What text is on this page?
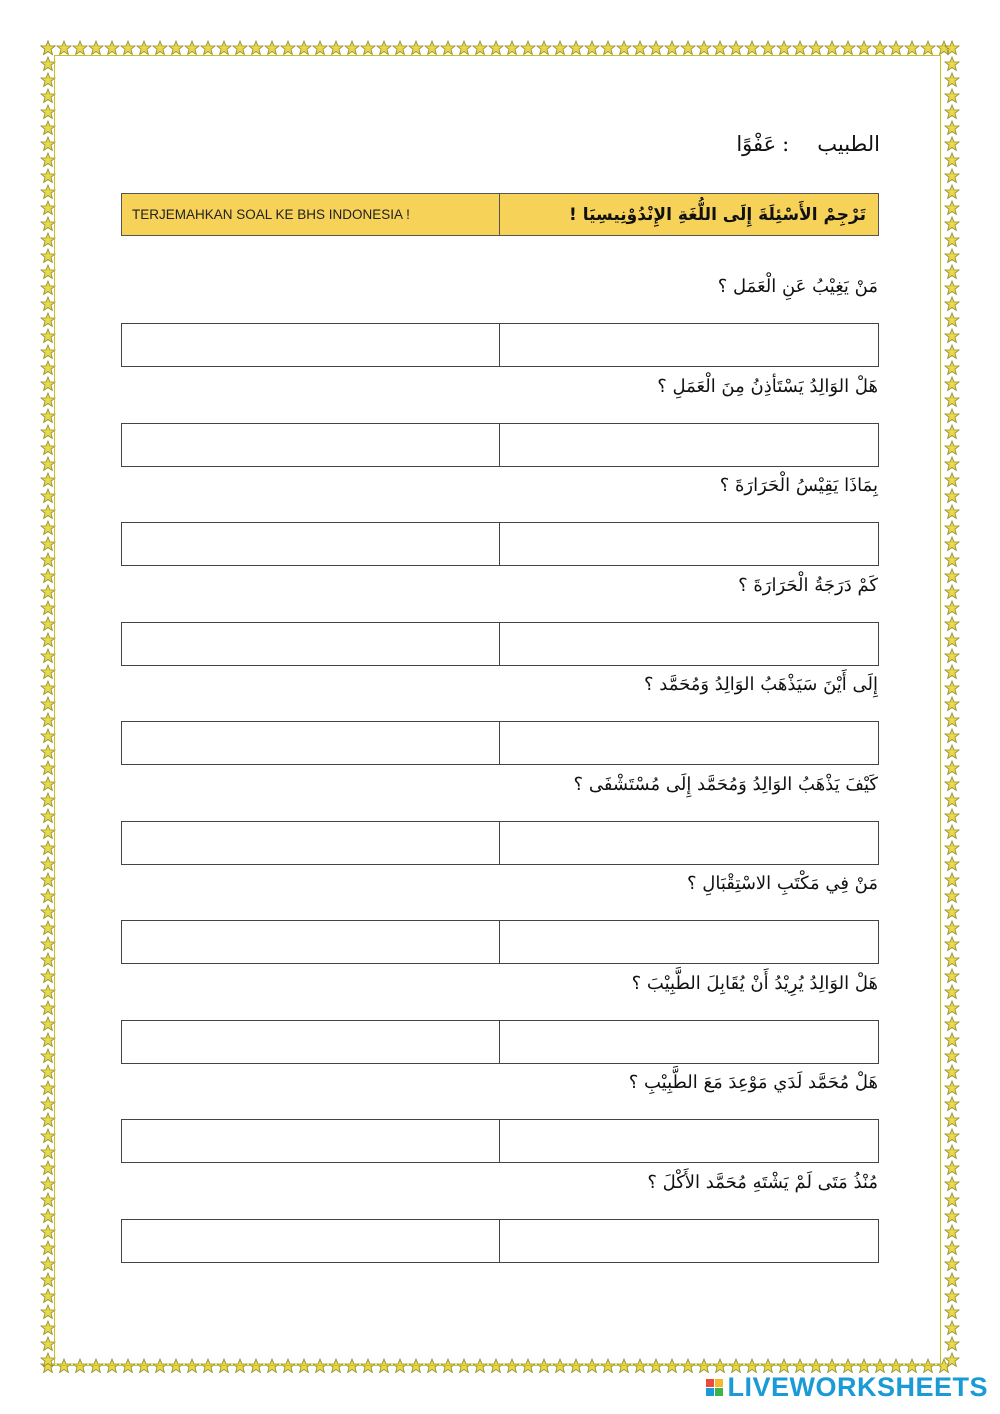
الطبيب
:
عَفْوًا
TERJEMAHKAN SOAL KE BHS INDONESIA !	تَرْجِمْ الأَسْئِلَةَ إِلَى اللُّغَةِ الإِنْدُوْنِيسِيَا !
مَنْ يَغِيْبُ عَنِ الْعَمَل ؟
هَلْ الوَالِدُ يَسْتَأذِنُ مِنَ الْعَمَلِ ؟
بِمَاذَا يَقِيْسُ الْحَرَارَةَ ؟
كَمْ دَرَجَةُ الْحَرَارَةَ ؟
إِلَى أَيْنَ سَيَذْهَبُ الوَالِدُ وَمُحَمَّد ؟
كَيْفَ يَذْهَبُ الوَالِدُ وَمُحَمَّد إِلَى مُسْتَشْفَى ؟
مَنْ فِي مَكْتَبِ الاسْتِقْبَالِ ؟
هَلْ الوَالِدُ يُرِيْدُ أَنْ يُقَابِلَ الطَّبِيْبَ ؟
هَلْ مُحَمَّد لَدَي مَوْعِدَ مَعَ الطَّبِيْبِ ؟
مُنْذُ مَتَى لَمْ يَشْتَهِ مُحَمَّد الأَكْلَ ؟
LIVEWORKSHEETS
